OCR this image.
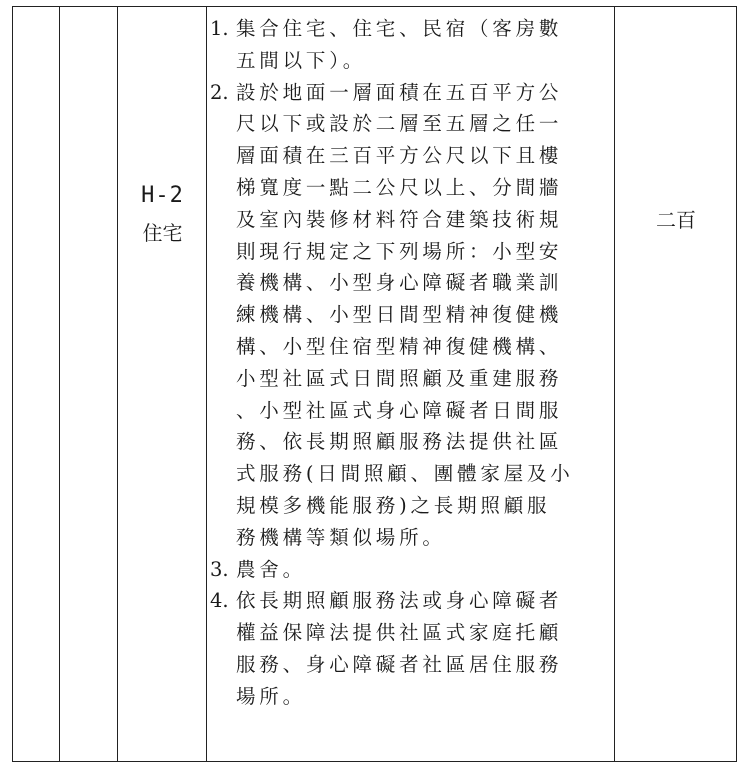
H-2
住宅
1. 集合住宅、住宅、民宿（客房數
五間以下）。
2. 設於地面一層面積在五百平方公
尺以下或設於二層至五層之任一
層面積在三百平方公尺以下且樓
梯寬度一點二公尺以上、分間牆
及室內裝修材料符合建築技術規
則現行規定之下列場所：小型安
養機構、小型身心障礙者職業訓
練機構、小型日間型精神復健機
構、小型住宿型精神復健機構、
小型社區式日間照顧及重建服務
、小型社區式身心障礙者日間服
務、依長期照顧服務法提供社區
式服務(日間照顧、團體家屋及小
規模多機能服務)之長期照顧服
務機構等類似場所。
3. 農舍。
4. 依長期照顧服務法或身心障礙者
權益保障法提供社區式家庭托顧
服務、身心障礙者社區居住服務
場所。
二百
